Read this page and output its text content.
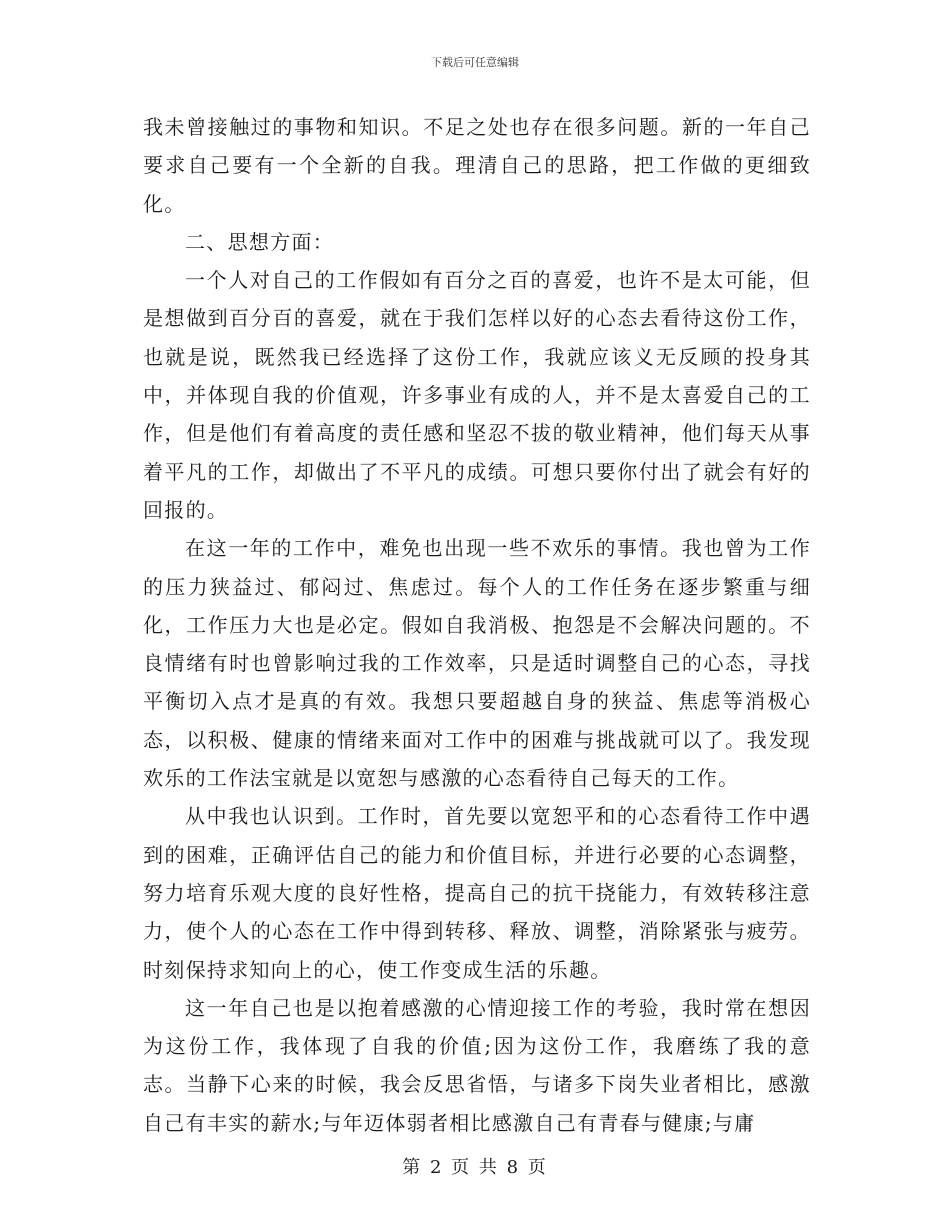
下载后可任意编辑

我未曾接触过的事物和知识。不足之处也存在很多问题。新的一年自己要求自己要有一个全新的自我。理清自己的思路，把工作做的更细致化。

二、思想方面：

一个人对自己的工作假如有百分之百的喜爱，也许不是太可能，但是想做到百分百的喜爱，就在于我们怎样以好的心态去看待这份工作，也就是说，既然我已经选择了这份工作，我就应该义无反顾的投身其中，并体现自我的价值观，许多事业有成的人，并不是太喜爱自己的工作，但是他们有着高度的责任感和坚忍不拔的敬业精神，他们每天从事着平凡的工作，却做出了不平凡的成绩。可想只要你付出了就会有好的回报的。

在这一年的工作中，难免也出现一些不欢乐的事情。我也曾为工作的压力狭益过、郁闷过、焦虑过。每个人的工作任务在逐步繁重与细化，工作压力大也是必定。假如自我消极、抱怨是不会解决问题的。不良情绪有时也曾影响过我的工作效率，只是适时调整自己的心态，寻找平衡切入点才是真的有效。我想只要超越自身的狭益、焦虑等消极心态，以积极、健康的情绪来面对工作中的困难与挑战就可以了。我发现欢乐的工作法宝就是以宽恕与感激的心态看待自己每天的工作。

从中我也认识到。工作时，首先要以宽恕平和的心态看待工作中遇到的困难，正确评估自己的能力和价值目标，并进行必要的心态调整，努力培育乐观大度的良好性格，提高自己的抗干挠能力，有效转移注意力，使个人的心态在工作中得到转移、释放、调整，消除紧张与疲劳。时刻保持求知向上的心，使工作变成生活的乐趣。

这一年自己也是以抱着感激的心情迎接工作的考验，我时常在想因为这份工作，我体现了自我的价值;因为这份工作，我磨练了我的意志。当静下心来的时候，我会反思省悟，与诸多下岗失业者相比，感激自己有丰实的薪水;与年迈体弱者相比感激自己有青春与健康;与庸

第 2 页 共 8 页
